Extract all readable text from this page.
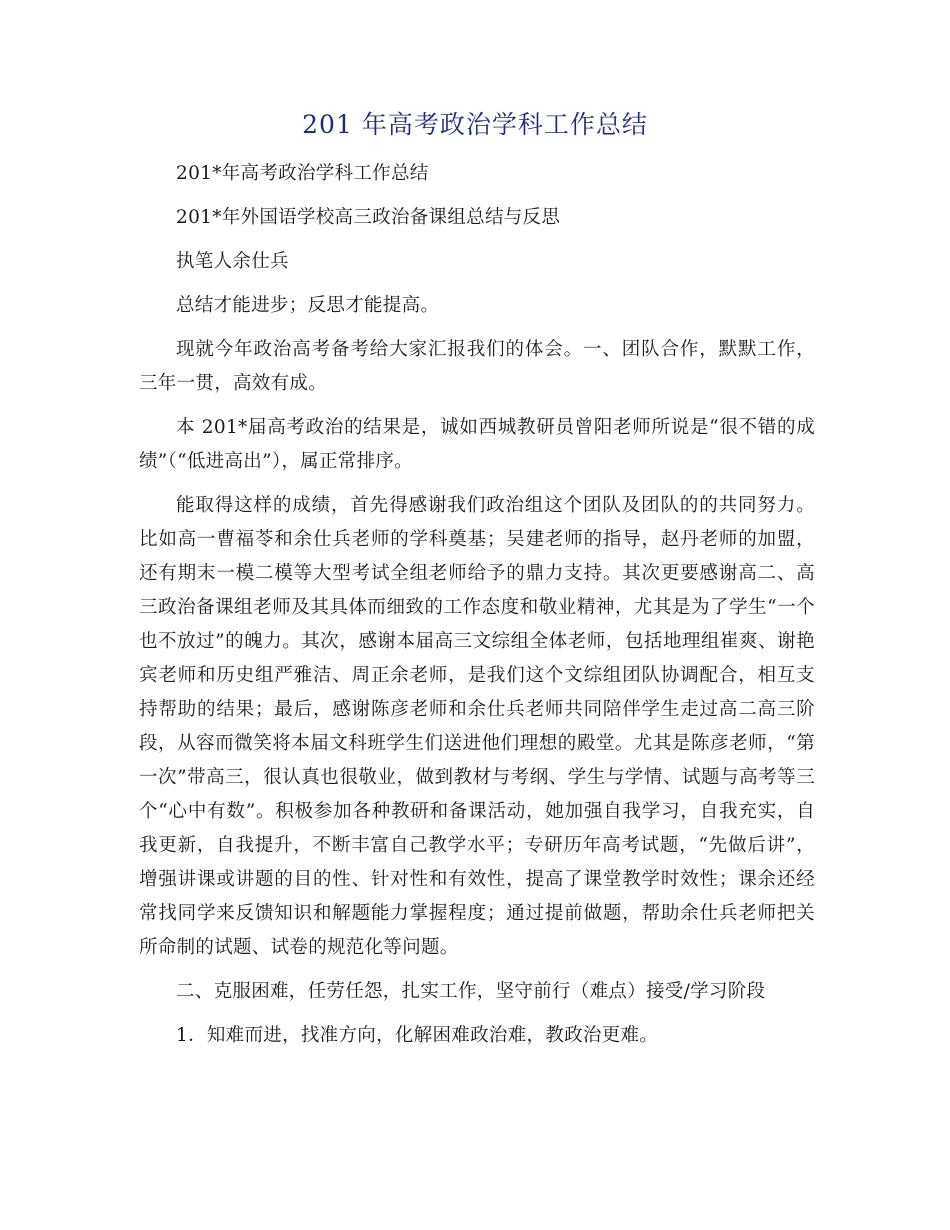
201 年高考政治学科工作总结

201*年高考政治学科工作总结

201*年外国语学校高三政治备课组总结与反思

执笔人余仕兵

总结才能进步；反思才能提高。

现就今年政治高考备考给大家汇报我们的体会。一、团队合作，默默工作，三年一贯，高效有成。

本 201*届高考政治的结果是，诚如西城教研员曾阳老师所说是“很不错的成绩”（“低进高出”），属正常排序。

能取得这样的成绩，首先得感谢我们政治组这个团队及团队的的共同努力。比如高一曹福苓和余仕兵老师的学科奠基；吴建老师的指导，赵丹老师的加盟，还有期末一模二模等大型考试全组老师给予的鼎力支持。其次更要感谢高二、高三政治备课组老师及其具体而细致的工作态度和敬业精神，尤其是为了学生“一个也不放过”的魄力。其次，感谢本届高三文综组全体老师，包括地理组崔爽、谢艳宾老师和历史组严雅洁、周正余老师，是我们这个文综组团队协调配合，相互支持帮助的结果；最后，感谢陈彦老师和余仕兵老师共同陪伴学生走过高二高三阶段，从容而微笑将本届文科班学生们送进他们理想的殿堂。尤其是陈彦老师，“第一次”带高三，很认真也很敬业，做到教材与考纲、学生与学情、试题与高考等三个“心中有数”。积极参加各种教研和备课活动，她加强自我学习，自我充实，自我更新，自我提升，不断丰富自己教学水平；专研历年高考试题，“先做后讲”，增强讲课或讲题的目的性、针对性和有效性，提高了课堂教学时效性；课余还经常找同学来反馈知识和解题能力掌握程度；通过提前做题，帮助余仕兵老师把关所命制的试题、试卷的规范化等问题。

二、克服困难，任劳任怨，扎实工作，坚守前行（难点）接受/学习阶段

1．知难而进，找准方向，化解困难政治难，教政治更难。
